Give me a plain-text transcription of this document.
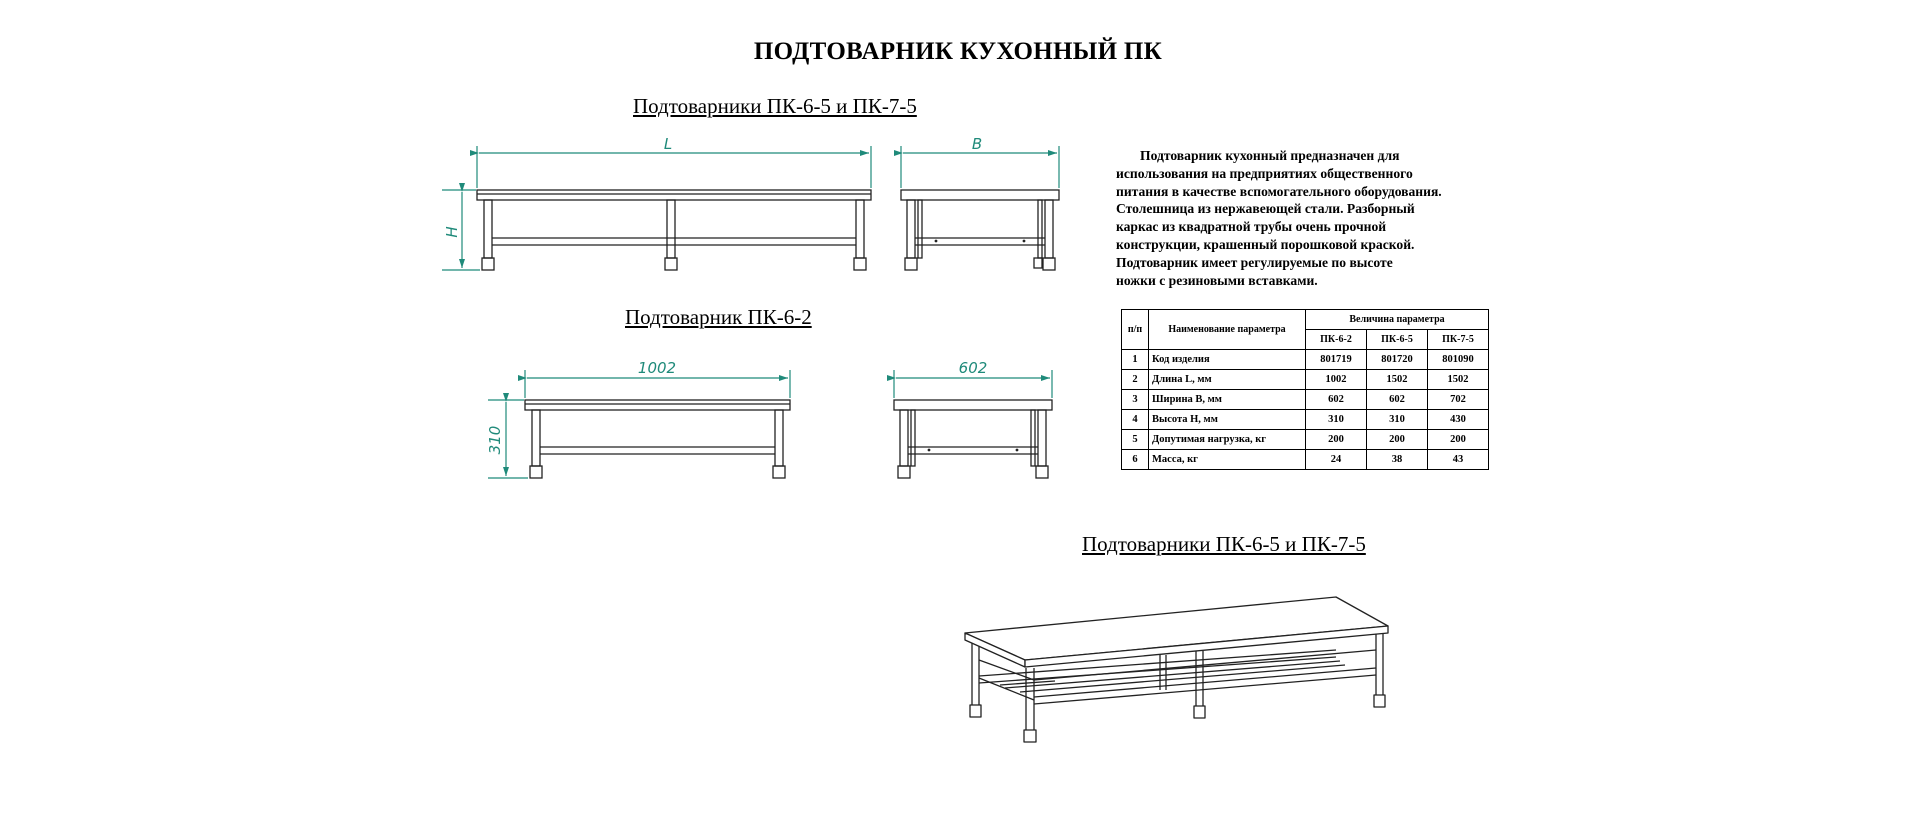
ПОДТОВАРНИК КУХОННЫЙ ПК
Подтоварники ПК-6-5 и ПК-7-5
Подтоварник ПК-6-2
Подтоварники ПК-6-5 и ПК-7-5
L
H
B
1002
310
602

Подтоварник кухонный предназначен для

использования на предприятиях общественного

питания в качестве вспомогательного оборудования.

Столешница из нержавеющей стали. Разборный

каркас из квадратной трубы очень прочной

конструкции, крашенный порошковой краской.

Подтоварник имеет регулируемые по высоте

ножки с резиновыми вставками.

п/п	Наименование параметра	Величина параметра		
		ПК-6-2	ПК-6-5	ПК-7-5
1	Код изделия	801719	801720	801090
2	Длина L, мм	1002	1502	1502
3	Ширина B, мм	602	602	702
4	Высота H, мм	310	310	430
5	Допутимая нагрузка, кг	200	200	200
6	Масса, кг	24	38	43
